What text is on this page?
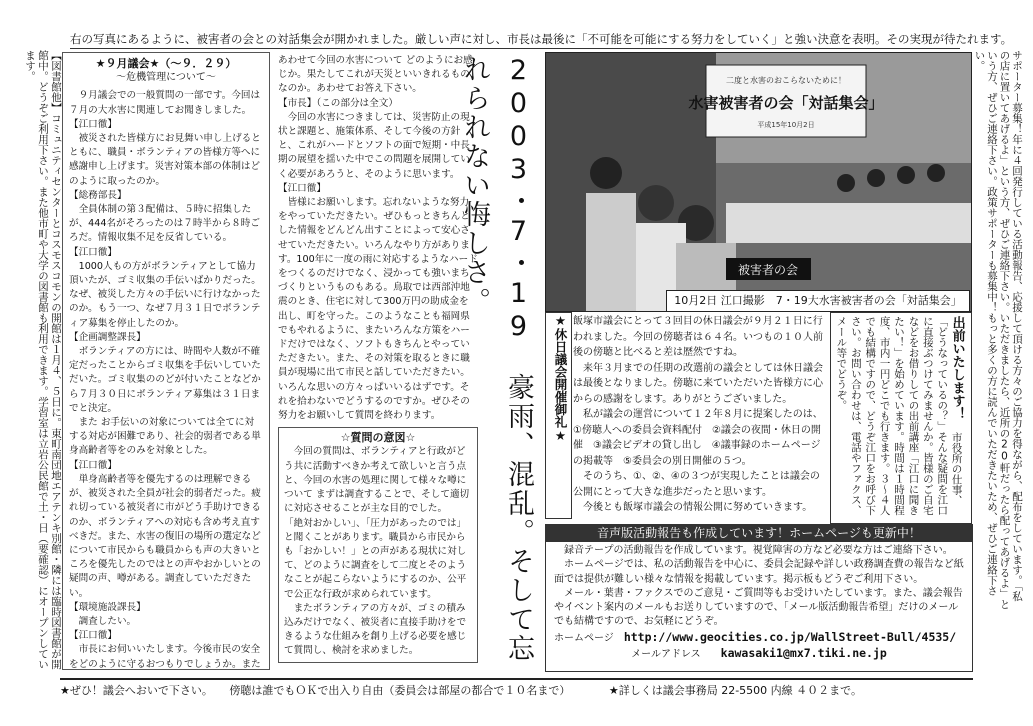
右の写真にあるように、被害者の会との対話集会が開かれました。厳しい声に対し、市長は最後に「不可能を可能にする努力をしていく」と強い決意を表明。その実現が待たれます。
【図書館他】コミュニティセンターとコスモスコモンの開館は１月４、５日に。東町南団地エアテンキ別館・隣には臨時図書館が開館中。どうぞご利用下さい。また他市町や大学の図書館も利用できます。学習室は立岩公民館で土・日（要確認）にオープンしています。	★９月議会★（～９．２９）
～危機管理について～

　９月議会での一般質問の一部です。今回は７月の大水害に関連してお聞きしました。

【江口徹】

　被災された皆様方にお見舞い申し上げるとともに、職員・ボランティアの皆様方等へに感謝申し上げます。災害対策本部の体制はどのように取ったのか。

【総務部長】

　全員体制の第３配備は、５時に招集したが、444名がそろったのは７時半から８時ごろだ。情報収集不足を反省している。

【江口徹】

　1000人もの方がボランティアとして協力頂いたが、ゴミ収集の手伝いばかりだった。なぜ、被災した方々の手伝いに行けなかったのか。もう一つ、なぜ７月３１日でボランティア募集を停止したのか。

【企画調整課長】

　ボランティアの方には、時間や人数が不確定だったことからゴミ収集を手伝いしていただいた。ゴミ収集ののどが付いたことなどから７月３０日にボランティア募集は３１日までと決定。

　また お手伝いの対象については全てに対する対応が困難であり、社会的弱者である単身高齢者等をのみを対象とした。

【江口徹】

　単身高齢者等を優先するのは理解できるが、被災された全員が社会的弱者だった。疲れ切っている被災者に市がどう手助けできるのか、ボランティアへの対応も含め考え直すべきだ。また、水害の復旧の場所の選定などについて市民からも職員からも声の大きいところを優先したのではとの声やおかしいとの疑問の声、噂がある。調査していただきたい。

【環境施設課長】

　調査したい。

【江口徹】

　市長にお伺いいたします。今後市民の安全をどのように守るおつもりでしょうか。また

あわせて今回の水害について どのようにお感じか。果たしてこれが天災といいきれるものなのか。あわせてお答え下さい。

【市長】（この部分は全文）

　今回の水害につきましては、災害防止の現状と課題と、施策体系、そして今後の方針と、これがハードとソフトの面で短期・中長期の展望を揺いた中でこの問題を展開していく必要があろうと、そのように思います。

【江口徹】

　皆様にお願いします。忘れないような努力をやっていただきたい。ぜひもっときちんとした情報をどんどん出すことによって安心させていただきたい。いろんなやり方があります。100年に一度の雨に対応するようなハードをつくるのだけでなく、浸かっても強いまちづくりというものもある。鳥取では西部沖地震のとき、住宅に対して300万円の助成金を出し、町を守った。このようなことも福岡県でもやれるように、またいろんな方策をハードだけではなく、ソフトもきちんとやっていただきたい。また、その対策を取るときに職員が現場に出て市民と話していただきたい。いろんな思いの方々っぱいいるはずです。それを拾わないでどうするのですか。ぜひその努力をお願いして質問を終わります。

☆質問の意図☆

　今回の質問は、ボランティアと行政がどう共に活動すべきか考えて欲しいと言う点と、今回の水害の処理に関して様々な噂について まずは調査することで、そして適切に対応させることが主な目的でした。

「絶対おかしい」、「圧力があったのでは」と聞くことがあります。職員から市民からも「おかしい！」との声がある現状に対して、どのように調査をして二度とそのようなことが起こらないようにするのか、公平で公正な行政が求められています。

　またボランティアの方々が、ゴミの積み込みだけでなく、被災者に直接手助けをできるような仕組みを創り上げる必要を感じて質問し、検討を求めました。	2003・7・19　豪雨、混乱。そして忘れられない悔しさ。	二度と水害のおこらないために！
水害被害者の会「対話集会」
平成15年10月2日
被害者の会
10月2日 江口撮影　7・19大水害被害者の会「対話集会」
★休日議会開催御礼★ 飯塚市議会にとって３回目の休日議会が９月２１日に行われました。今回の傍聴者は６４名。いつもの１０人前後の傍聴と比べると差は歴然ですね。

　来年３月までの任期の改選前の議会としては休日議会は最後となりました。傍聴に来ていただいた皆様方に心からの感謝をします。ありがとうございました。

　私が議会の運営について１２年８月に提案したのは、①傍聴人への委員会資料配付　②議会の夜間・休日の開催　③議会ビデオの貸し出し　④議事録のホームページの掲載等　⑤委員会の別日開催の５つ。

　そのうち、①、②、④の３つが実現したことは議会の公開にとって大きな進歩だったと思います。

　今後とも飯塚市議会の情報公開に努めていきます。

出前いたします！ 市役所の仕事、「どうなっているの？」そんな疑問を江口に直接ぶつけてみませんか。皆様のご自宅などをお借りしての出前講座「江口に聞きたい！」を始めています。時間は１時間程度、市内一円どこでも行きます。３～４人でも結構ですので、どうぞ江口をお呼び下さい。お問い合わせは、電話やファクス、メール等でどうぞ。	サポーター募集！年に４回発行している活動報告、応援して頂ける方々のご協力を得ながら、配布をしています。「私の店に置いてあげるよ」という方、ぜひご連絡下さい。いただきましたら、近所の20軒だったら配ってあげるよ」という方、ぜひご連絡下さい。政策サポーターも募集中！もっと多くの方に読んでいただきたいため、ぜひご連絡下さい。
音声版活動報告も作成しています！ホームページも更新中！

　録音テープの活動報告を作成しています。視覚障害の方など必要な方はご連絡下さい。

　ホームページでは、私の活動報告を中心に、委員会記録や詳しい政務調査費の報告など紙面では提供が難しい様々な情報を掲載しています。掲示板もどうぞご利用下さい。

　メール・葉書・ファクスでのご意見・ご質問等もお受けいたしています。また、議会報告やイベント案内のメールもお送りしていますので、「メール版活動報告希望」だけのメールでも結構ですので、お気軽にどうぞ。

ホームページ　 http://www.geocities.co.jp/WallStreet-Bull/4535/

メールアドレス　　 kawasaki1@mx7.tiki.ne.jp

★ぜひ！議会へおいで下さい。　　傍聴は誰でもＯＫで出入り自由（委員会は部屋の都合で１０名まで）　　　　★詳しくは議会事務局 22-5500 内線 ４０２まで。
